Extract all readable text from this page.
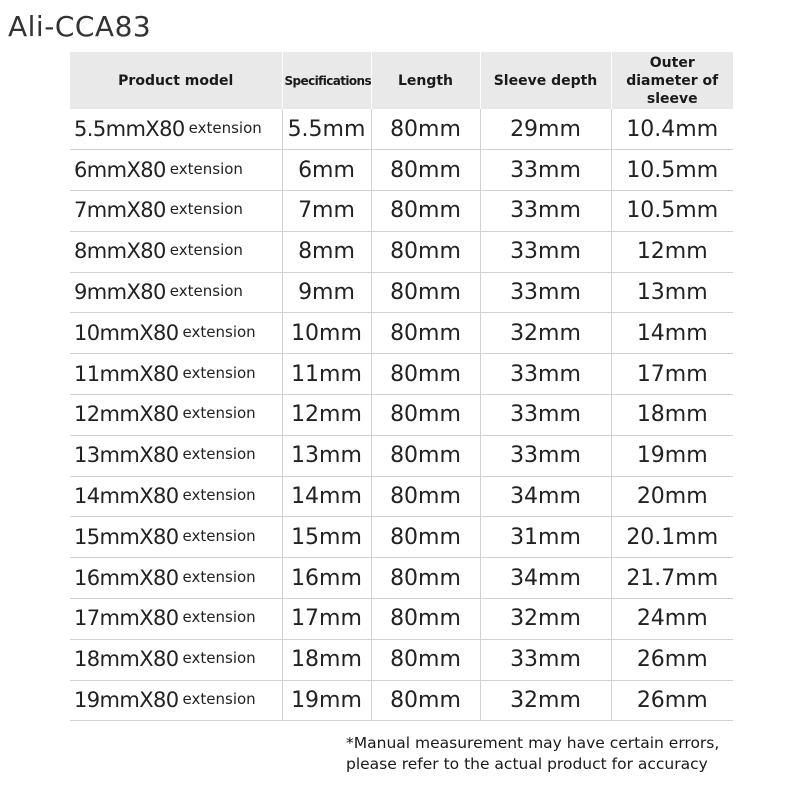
Ali-CCA83
Product model	Specifications	Length	Sleeve depth	Outer diameter of sleeve
5.5mmX80 extension	5.5mm	80mm	29mm	10.4mm
6mmX80 extension	6mm	80mm	33mm	10.5mm
7mmX80 extension	7mm	80mm	33mm	10.5mm
8mmX80 extension	8mm	80mm	33mm	12mm
9mmX80 extension	9mm	80mm	33mm	13mm
10mmX80 extension	10mm	80mm	32mm	14mm
11mmX80 extension	11mm	80mm	33mm	17mm
12mmX80 extension	12mm	80mm	33mm	18mm
13mmX80 extension	13mm	80mm	33mm	19mm
14mmX80 extension	14mm	80mm	34mm	20mm
15mmX80 extension	15mm	80mm	31mm	20.1mm
16mmX80 extension	16mm	80mm	34mm	21.7mm
17mmX80 extension	17mm	80mm	32mm	24mm
18mmX80 extension	18mm	80mm	33mm	26mm
19mmX80 extension	19mm	80mm	32mm	26mm
*Manual measurement may have certain errors,
please refer to the actual product for accuracy
